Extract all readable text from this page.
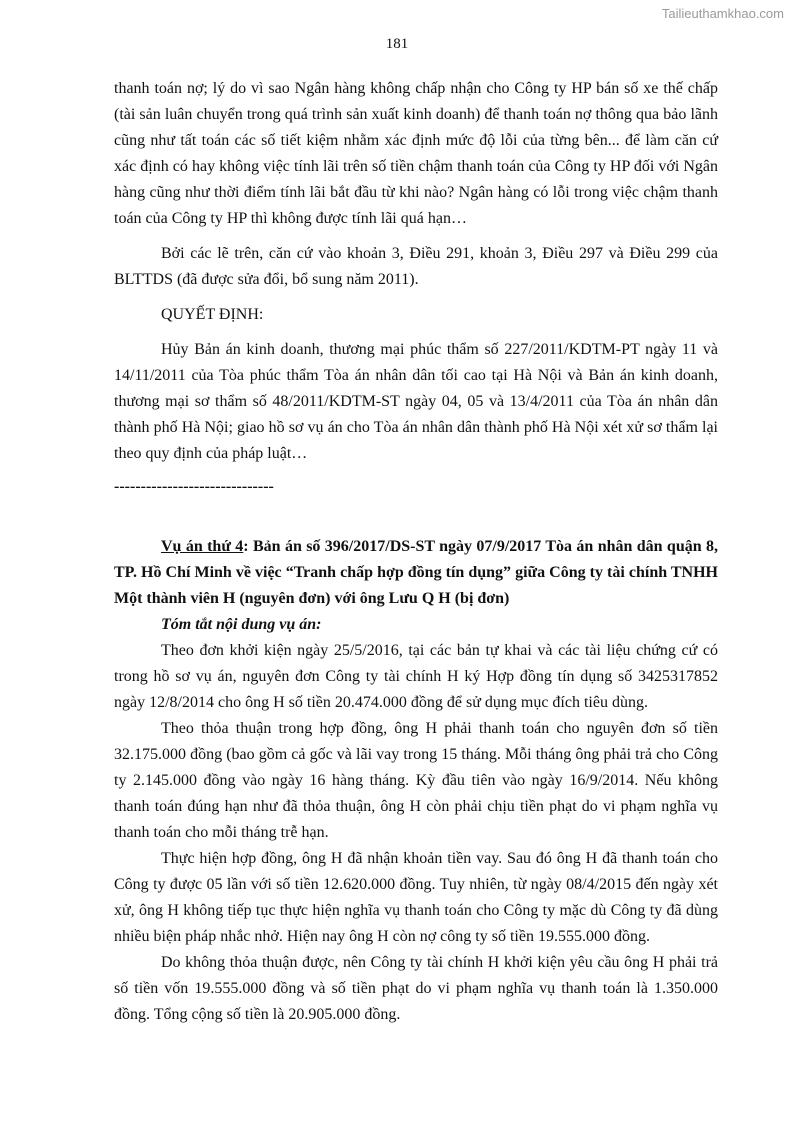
Tailieuthamkhao.com
181

thanh toán nợ; lý do vì sao Ngân hàng không chấp nhận cho Công ty HP bán số xe thế chấp (tài sản luân chuyển trong quá trình sản xuất kinh doanh) để thanh toán nợ thông qua bảo lãnh cũng như tất toán các số tiết kiệm nhằm xác định mức độ lỗi của từng bên... để làm căn cứ xác định có hay không việc tính lãi trên số tiền chậm thanh toán của Công ty HP đối với Ngân hàng cũng như thời điểm tính lãi bắt đầu từ khi nào? Ngân hàng có lỗi trong việc chậm thanh toán của Công ty HP thì không được tính lãi quá hạn…

Bởi các lẽ trên, căn cứ vào khoản 3, Điều 291, khoản 3, Điều 297 và Điều 299 của BLTTDS (đã được sửa đổi, bổ sung năm 2011).

QUYẾT ĐỊNH:

Hủy Bản án kinh doanh, thương mại phúc thẩm số 227/2011/KDTM-PT ngày 11 và 14/11/2011 của Tòa phúc thẩm Tòa án nhân dân tối cao tại Hà Nội và Bản án kinh doanh, thương mại sơ thẩm số 48/2011/KDTM-ST ngày 04, 05 và 13/4/2011 của Tòa án nhân dân thành phố Hà Nội; giao hồ sơ vụ án cho Tòa án nhân dân thành phố Hà Nội xét xử sơ thẩm lại theo quy định của pháp luật…

------------------------------

Vụ án thứ 4: Bản án số 396/2017/DS-ST ngày 07/9/2017 Tòa án nhân dân quận 8, TP. Hồ Chí Minh về việc “Tranh chấp hợp đồng tín dụng” giữa Công ty tài chính TNHH Một thành viên H (nguyên đơn) với ông Lưu Q H (bị đơn)

Tóm tắt nội dung vụ án:

Theo đơn khởi kiện ngày 25/5/2016, tại các bản tự khai và các tài liệu chứng cứ có trong hồ sơ vụ án, nguyên đơn Công ty tài chính H ký Hợp đồng tín dụng số 3425317852 ngày 12/8/2014 cho ông H số tiền 20.474.000 đồng để sử dụng mục đích tiêu dùng.

Theo thỏa thuận trong hợp đồng, ông H phải thanh toán cho nguyên đơn số tiền 32.175.000 đồng (bao gồm cả gốc và lãi vay trong 15 tháng. Mỗi tháng ông phải trả cho Công ty 2.145.000 đồng vào ngày 16 hàng tháng. Kỳ đầu tiên vào ngày 16/9/2014. Nếu không thanh toán đúng hạn như đã thỏa thuận, ông H còn phải chịu tiền phạt do vi phạm nghĩa vụ thanh toán cho mỗi tháng trễ hạn.

Thực hiện hợp đồng, ông H đã nhận khoản tiền vay. Sau đó ông H đã thanh toán cho Công ty được 05 lần với số tiền 12.620.000 đồng. Tuy nhiên, từ ngày 08/4/2015 đến ngày xét xử, ông H không tiếp tục thực hiện nghĩa vụ thanh toán cho Công ty mặc dù Công ty đã dùng nhiều biện pháp nhắc nhở. Hiện nay ông H còn nợ công ty số tiền 19.555.000 đồng.

Do không thỏa thuận được, nên Công ty tài chính H khởi kiện yêu cầu ông H phải trả số tiền vốn 19.555.000 đồng và số tiền phạt do vi phạm nghĩa vụ thanh toán là 1.350.000 đồng. Tổng cộng số tiền là 20.905.000 đồng.
